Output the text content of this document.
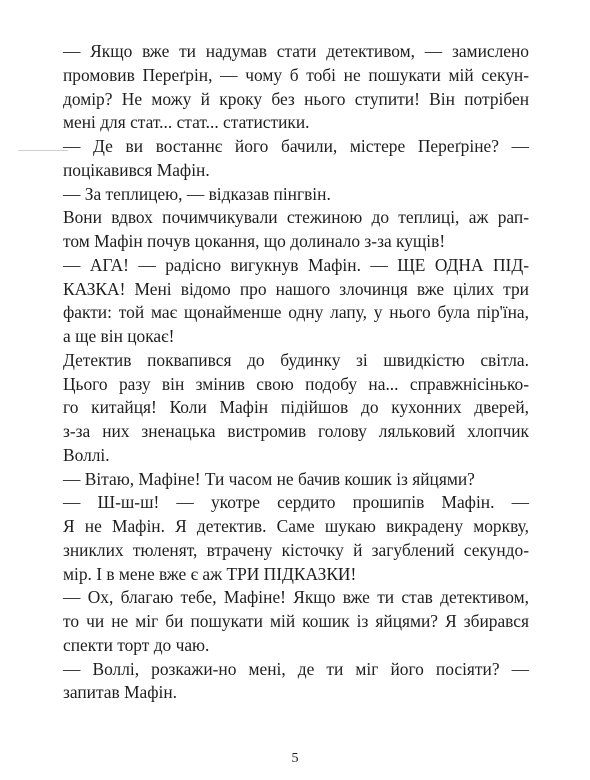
— Якщо вже ти надумав стати детективом, — замислено
промовив Переґрін, — чому б тобі не пошукати мій секун-
домір? Не можу й кроку без нього ступити! Він потрібен
мені для стат... стат... статистики.

— Де ви востаннє його бачили, містере Переґріне? —
поцікавився Мафін.

— За теплицею, — відказав пінгвін.

Вони вдвох почимчикували стежиною до теплиці, аж рап-
том Мафін почув цокання, що долинало з-за кущів!

— АГА! — радісно вигукнув Мафін. — ЩЕ ОДНА ПІД-
КАЗКА! Мені відомо про нашого злочинця вже цілих три
факти: той має щонайменше одну лапу, у нього була пір'їна,
а ще він цокає!

Детектив поквапився до будинку зі швидкістю світла.
Цього разу він змінив свою подобу на... справжнісінько-
го китайця! Коли Мафін підійшов до кухонних дверей,
з-за них зненацька вистромив голову ляльковий хлопчик
Воллі.

— Вітаю, Мафіне! Ти часом не бачив кошик із яйцями?

— Ш-ш-ш! — укотре сердито прошипів Мафін. —
Я не Мафін. Я детектив. Саме шукаю викрадену моркву,
зниклих тюленят, втрачену кісточку й загублений секундо-
мір. І в мене вже є аж ТРИ ПІДКАЗКИ!

— Ох, благаю тебе, Мафіне! Якщо вже ти став детективом,
то чи не міг би пошукати мій кошик із яйцями? Я збирався
спекти торт до чаю.

— Воллі, розкажи-но мені, де ти міг його посіяти? —
запитав Мафін.

5
